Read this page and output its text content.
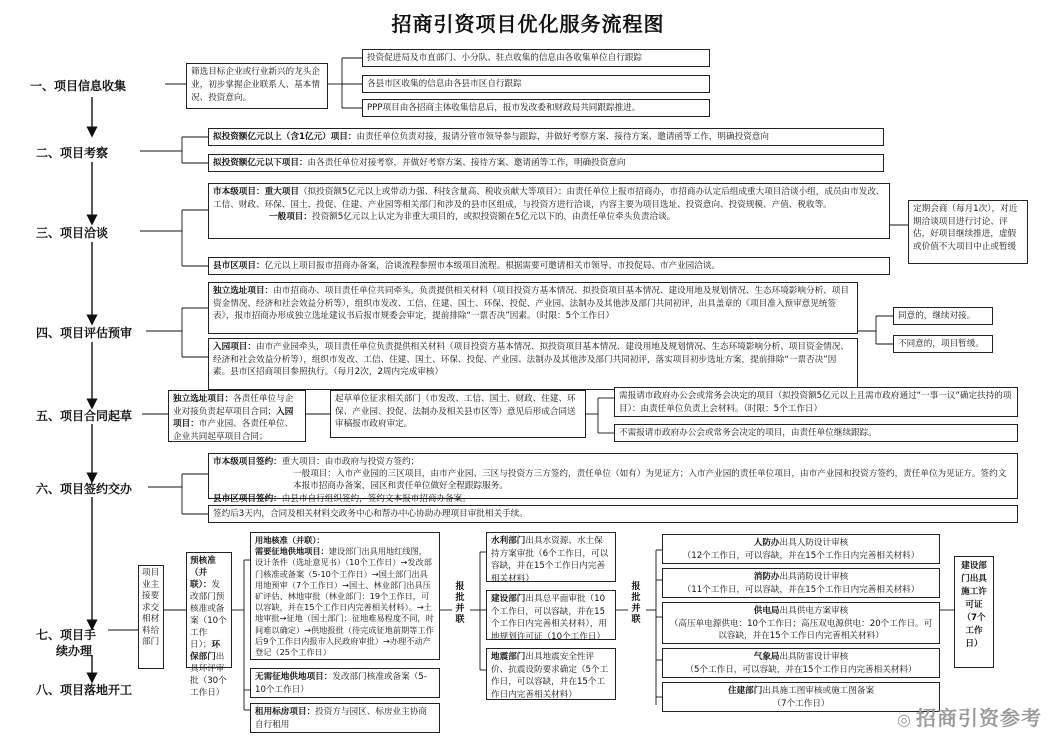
招商引资项目优化服务流程图
一、项目信息收集
二、项目考察
三、项目洽谈
四、项目评估预审
五、项目合同起草
六、项目签约交办
七、项目手
续办理
八、项目落地开工
筛选目标企业或行业新兴的龙头企业，初步掌握企业联系人、基本情况、投资意向。
投资促进局及市直部门、小分队、驻点收集的信息由各收集单位自行跟踪
各县市区收集的信息由各县市区自行跟踪
PPP项目由各招商主体收集信息后，报市发改委和财政局共同跟踪推进。
拟投资额亿元以上（含1亿元）项目：由责任单位负责对接，报请分管市领导参与跟踪，并做好考察方案、接待方案、邀请函等工作，明确投资意向
拟投资额亿元以下项目：由各责任单位对接考察，并做好考察方案、接待方案、邀请函等工作，明确投资意向
市本级项目：重大项目（拟投资额5亿元以上或带动力强、科技含量高、税收贡献大等项目）：由责任单位上报市招商办，市招商办认定后组成重大项目洽谈小组，成员由市发改、工信、财政、环保、国土、投促、住建、产业园等相关部门和涉及的县市区组成，与投资方进行洽谈，内容主要为项目选址、投资意向、投资规模、产值、税收等。
一般项目：投资额5亿元以上认定为非重大项目的，或拟投资额在5亿元以下的，由责任单位牵头负责洽谈。
县市区项目：亿元以上项目报市招商办备案，洽谈流程参照市本级项目流程。根据需要可邀请相关市领导、市投促局、市产业园洽谈。
定期会商（每月1次），对近期洽谈项目进行讨论、评估，好项目继续推进，虚假或价值不大项目中止或暂缓
独立选址项目：由市招商办、项目责任单位共同牵头，负责提供相关材料（项目投资方基本情况、拟投资项目基本情况、建设用地及规划情况、生态环境影响分析、项目资金情况、经济和社会效益分析等），组织市发改、工信、住建、国土、环保、投促、产业园、法制办及其他涉及部门共同初评，出具盖章的《项目准入预审意见统签表》，报市招商办形成独立选址建议书后报市规委会审定，提前排除“一票否决”因素。（时限：5个工作日）
入园项目：由市产业园牵头，项目责任单位负责提供相关材料（项目投资方基本情况、拟投资项目基本情况、建设用地及规划情况、生态环境影响分析、项目资金情况、经济和社会效益分析等），组织市发改、工信、住建、国土、环保、投促、产业园、法制办及其他涉及部门共同初评，落实项目初步选址方案，提前排除“一票否决”因素。县市区招商项目参照执行。（每月2次，2周内完成审核）
同意的，继续对接。
不同意的，项目暂缓。
独立选址项目：各责任单位与企业对接负责起草项目合同；入园项目：市产业园、各责任单位、企业共同起草项目合同；
起草单位征求相关部门（市发改、工信、国土、财政、住建、环保、产业园、投促、法制办及相关县市区等）意见后形成合同送审稿报市政府审定。
需报请市政府办公会或常务会决定的项目（拟投资额5亿元以上且需市政府通过“一事一议”确定扶持的项目）：由责任单位负责上会材料。（时限：5个工作日）
不需报请市政府办公会或常务会决定的项目，由责任单位继续跟踪。
市本级项目签约：重大项目：由市政府与投资方签约；

一般项目：入市产业园的三区项目，由市产业园、三区与投资方三方签约，责任单位（如有）为见证方；入市产业园的责任单位项目，由市产业园和投资方签约，责任单位为见证方。签约文本报市招商办备案，园区和责任单位做好全程跟踪服务。
县市区项目签约：由县市自行组织签约，签约文本报市招商办备案。
签约后3天内，合同及相关材料交政务中心和帮办中心协助办理项目审批相关手续。
项目业主接要求交相材料给部门
预核准（并联）：发改部门预核准或备案（10个工作日）；环保部门出具环评审批（30个工作日）
用地核准（并联）：
需要征地供地项目：建设部门出具用地红线图，设计条件（选址意见书）（10个工作日）→发改部门核准或备案（5-10个工作日）→国土部门出具用地预审（7个工作日）→国土、林业部门出具压矿评估、林地审批（林业部门：19个工作日，可以容缺，并在15个工作日内完善相关材料）。→土地审批→征地（国土部门：征地难易程度不同，时间难以确定）→供地报批（待完成征地前期等工作后9个工作日内报市人民政府审批）→办理不动产登记（25个工作日）
无需征地供地项目：发改部门核准或备案（5-10个工作日）
租用标房项目：投资方与园区、标房业主协商自行租用
报批并联
水利部门出具水资源、水土保持方案审批（6个工作日，可以容缺，并在15个工作日内完善相关材料）
建设部门出具总平面审批（10个工作日，可以容缺，并在15个工作日内完善相关材料），用地规划许可证（10个工作日）
地震部门出具地震安全性评价、抗震设防要求确定（5个工作日，可以容缺，并在15个工作日内完善相关材料）
报批并联
人防办出具人防设计审核
（12个工作日，可以容缺，并在15个工作日内完善相关材料）
消防办出具消防设计审核
（11个工作日，可以容缺，并在15个工作日内完善相关材料）
供电局出具供电方案审核
（高压单电源供电：10个工作日；高压双电源供电：20个工作日。可以容缺，并在15个工作日内完善相关材料）
气象局出具防雷设计审核
（5个工作日，可以容缺，并在15个工作日内完善相关材料）
住建部门出具施工图审核或施工图备案
（7个工作日）
建设部门出具施工许可证（7个工作日）
◎ 招商引资参考
